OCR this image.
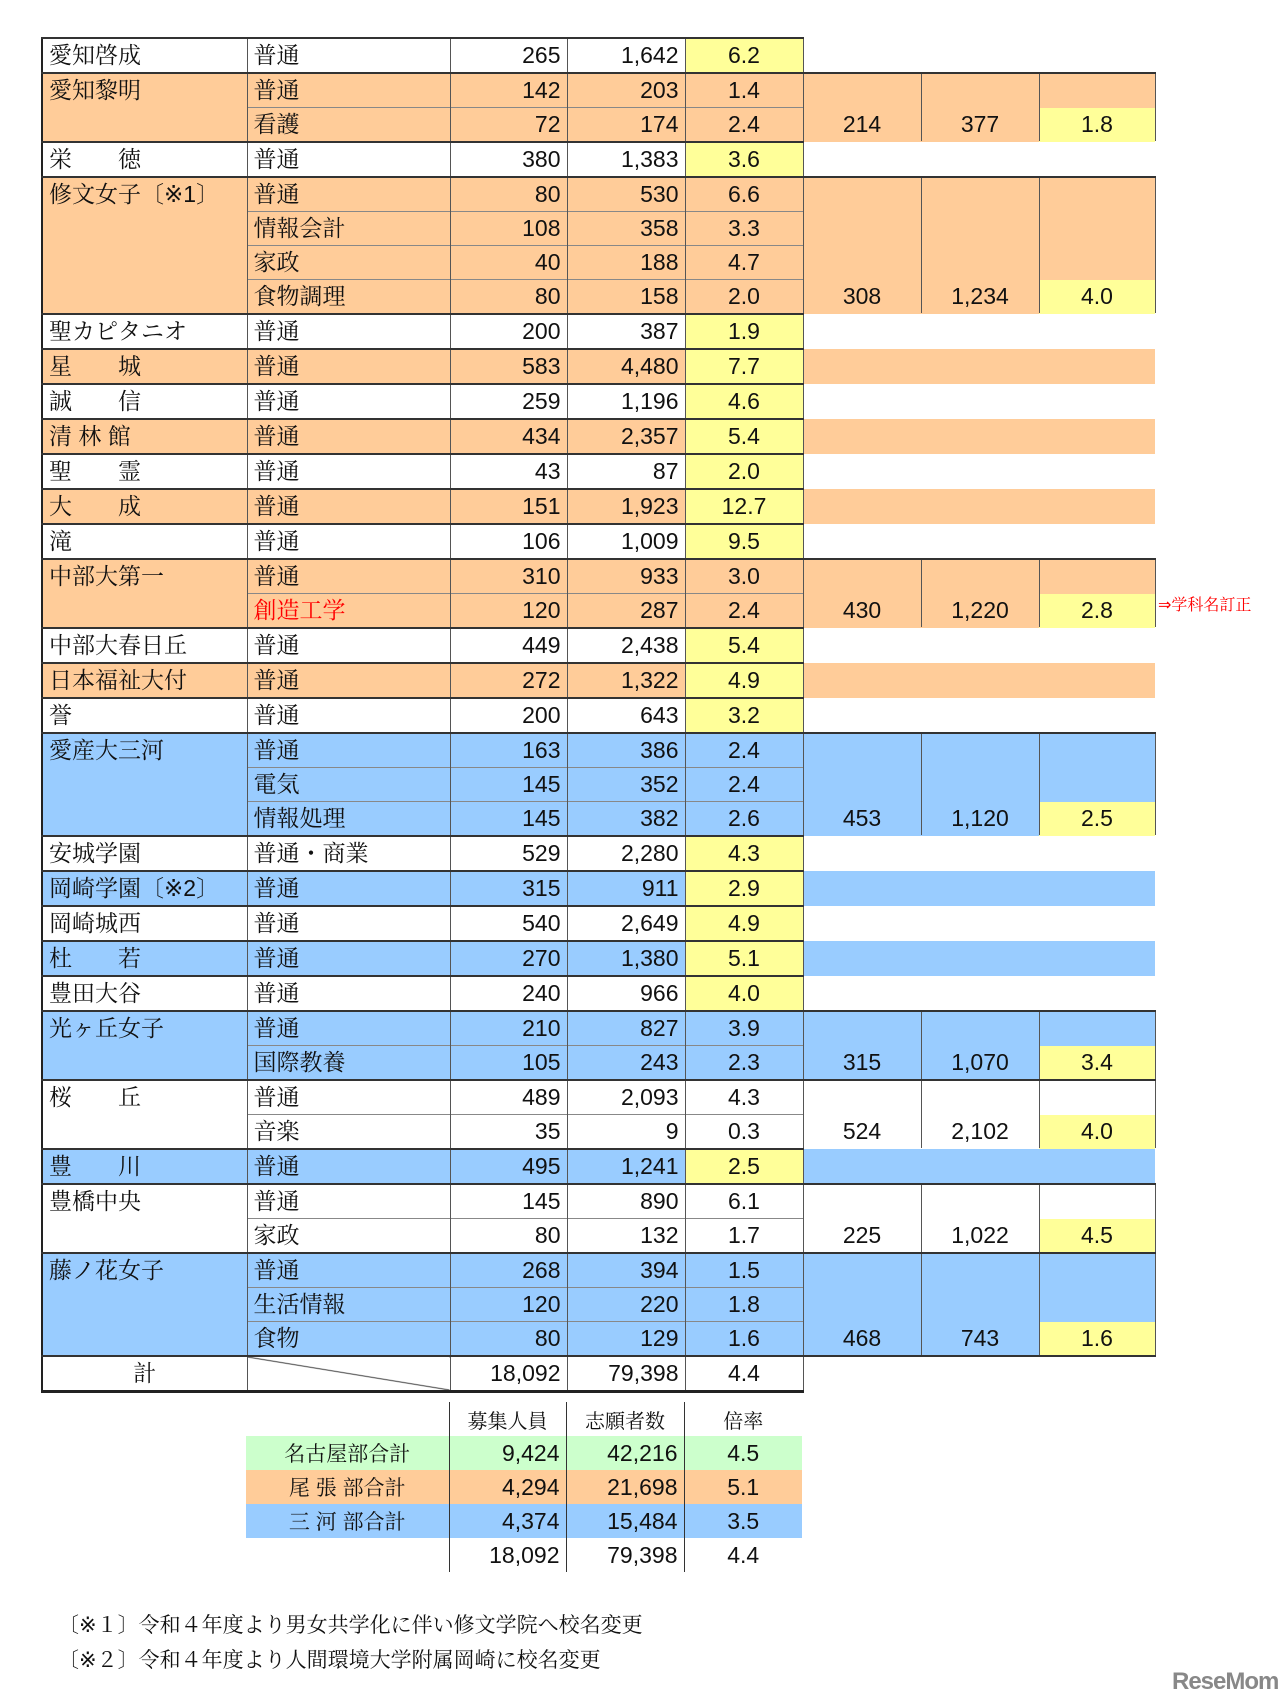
愛知啓成	普通	265	1,642	6.2			
愛知黎明	普通	142	203	1.4	214	377	
	看護	72	174	2.4			1.8
栄　　徳	普通	380	1,383	3.6			
修文女子〔※1〕	普通	80	530	6.6	308	1,234	
	情報会計	108	358	3.3			
	家政	40	188	4.7			
	食物調理	80	158	2.0			4.0
聖カピタニオ	普通	200	387	1.9			
星　　城	普通	583	4,480	7.7			
誠　　信	普通	259	1,196	4.6			
清 林 館	普通	434	2,357	5.4			
聖　　霊	普通	43	87	2.0			
大　　成	普通	151	1,923	12.7			
滝	普通	106	1,009	9.5			
中部大第一	普通	310	933	3.0	430	1,220	
	創造工学	120	287	2.4			2.8
中部大春日丘	普通	449	2,438	5.4			
日本福祉大付	普通	272	1,322	4.9			
誉	普通	200	643	3.2			
愛産大三河	普通	163	386	2.4	453	1,120	
	電気	145	352	2.4			
	情報処理	145	382	2.6			2.5
安城学園	普通・商業	529	2,280	4.3			
岡崎学園〔※2〕	普通	315	911	2.9			
岡崎城西	普通	540	2,649	4.9			
杜　　若	普通	270	1,380	5.1			
豊田大谷	普通	240	966	4.0			
光ヶ丘女子	普通	210	827	3.9	315	1,070	
	国際教養	105	243	2.3			3.4
桜　　丘	普通	489	2,093	4.3	524	2,102	
	音楽	35	9	0.3			4.0
豊　　川	普通	495	1,241	2.5			
豊橋中央	普通	145	890	6.1	225	1,022	
	家政	80	132	1.7			4.5
藤ノ花女子	普通	268	394	1.5	468	743	
	生活情報	120	220	1.8			
	食物	80	129	1.6			1.6
計		18,092	79,398	4.4			
	募集人員	志願者数	倍率
名古屋部合計	9,424	42,216	4.5
尾 張 部合計	4,294	21,698	5.1
三 河 部合計	4,374	15,484	3.5
	18,092	79,398	4.4
〔※１〕令和４年度より男女共学化に伴い修文学院へ校名変更
〔※２〕令和４年度より人間環境大学附属岡崎に校名変更
ReseMom
⇒学科名訂正
